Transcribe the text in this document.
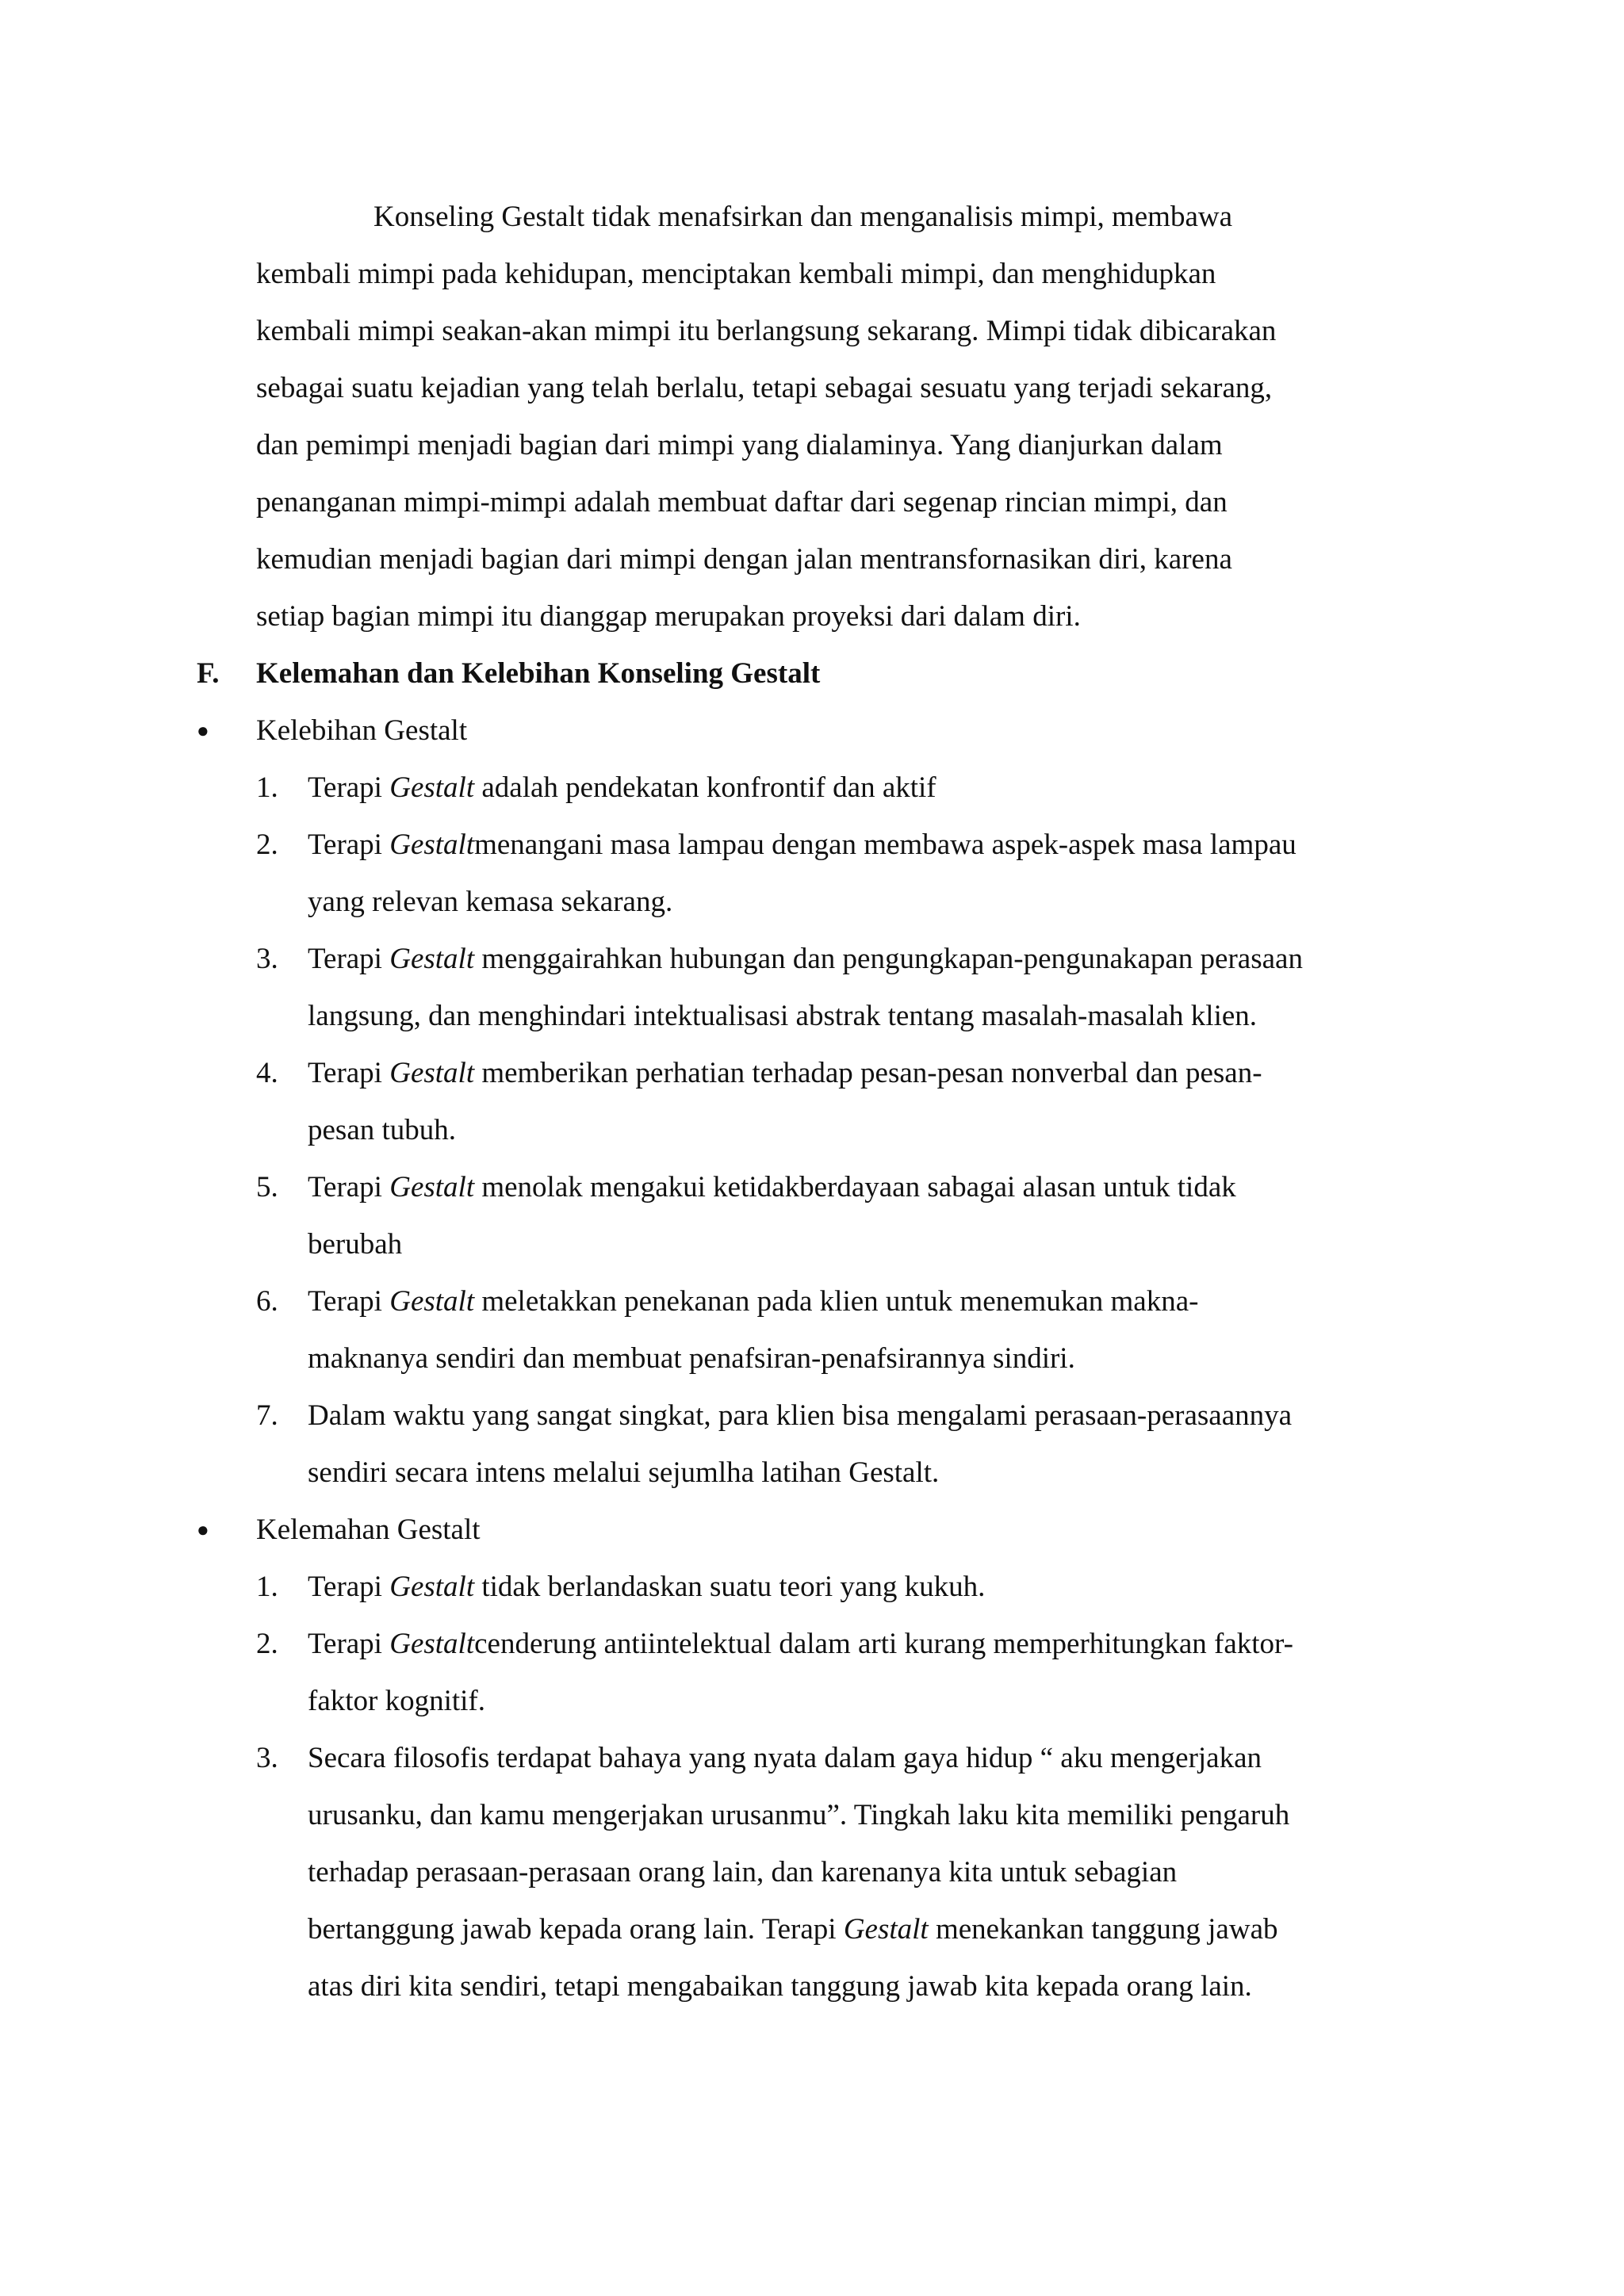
Konseling Gestalt tidak menafsirkan dan menganalisis mimpi, membawa
kembali mimpi pada kehidupan, menciptakan kembali mimpi, dan menghidupkan
kembali mimpi seakan-akan mimpi itu berlangsung sekarang. Mimpi tidak dibicarakan
sebagai suatu kejadian yang telah berlalu, tetapi sebagai sesuatu yang terjadi sekarang,
dan pemimpi menjadi bagian dari mimpi yang dialaminya. Yang dianjurkan dalam
penanganan mimpi-mimpi adalah membuat daftar dari segenap rincian mimpi, dan
kemudian menjadi bagian dari mimpi dengan jalan mentransfornasikan diri, karena
setiap bagian mimpi itu dianggap merupakan proyeksi dari dalam diri.
F. Kelemahan dan Kelebihan Konseling Gestalt
● Kelebihan Gestalt
1.	Terapi Gestalt adalah pendekatan konfrontif dan aktif
2.	Terapi Gestaltmenangani masa lampau dengan membawa aspek-aspek masa lampau
yang relevan kemasa sekarang.
3.	Terapi Gestalt menggairahkan hubungan dan pengungkapan-pengunakapan perasaan
langsung, dan menghindari intektualisasi abstrak tentang masalah-masalah klien.
4.	Terapi Gestalt memberikan perhatian terhadap pesan-pesan nonverbal dan pesan-
pesan tubuh.
5.	Terapi Gestalt menolak mengakui ketidakberdayaan sabagai alasan untuk tidak
berubah
6.	Terapi Gestalt meletakkan penekanan pada klien untuk menemukan makna-
maknanya sendiri dan membuat penafsiran-penafsirannya sindiri.
7.	Dalam waktu yang sangat singkat, para klien bisa mengalami perasaan-perasaannya
sendiri secara intens melalui sejumlha latihan Gestalt.
● Kelemahan Gestalt
1.	Terapi Gestalt tidak berlandaskan suatu teori yang kukuh.
2.	Terapi Gestaltcenderung antiintelektual dalam arti kurang memperhitungkan faktor-
faktor kognitif.
3.	Secara filosofis terdapat bahaya yang nyata dalam gaya hidup “ aku mengerjakan
urusanku, dan kamu mengerjakan urusanmu”. Tingkah laku kita memiliki pengaruh
terhadap perasaan-perasaan orang lain, dan karenanya kita untuk sebagian
bertanggung jawab kepada orang lain. Terapi Gestalt menekankan tanggung jawab
atas diri kita sendiri, tetapi mengabaikan tanggung jawab kita kepada orang lain.
